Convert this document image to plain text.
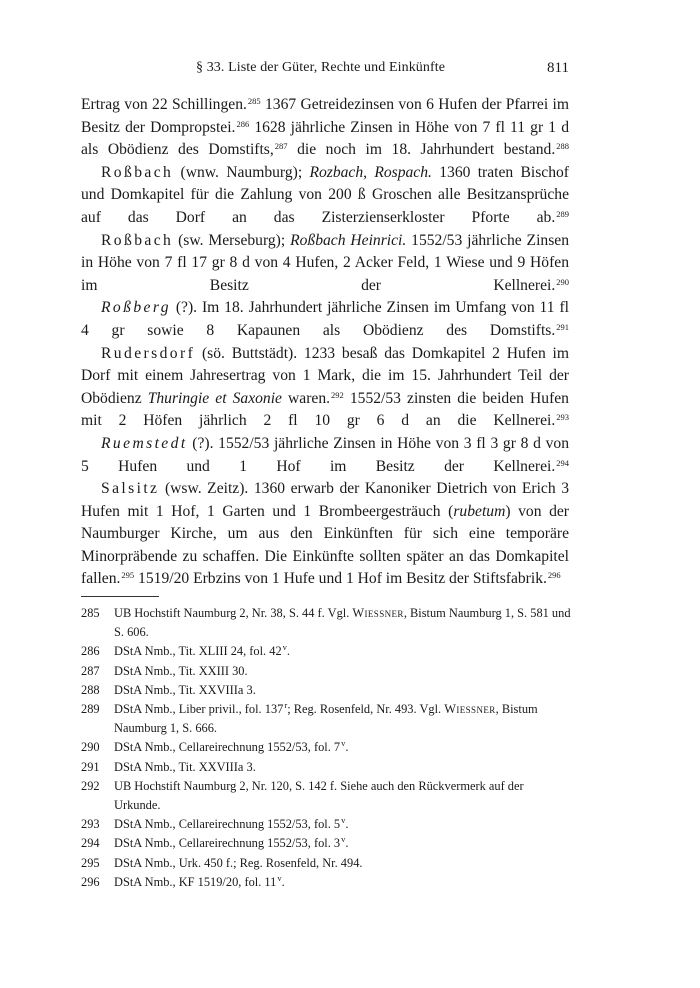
§ 33. Liste der Güter, Rechte und Einkünfte	811

Ertrag von 22 Schillingen.$^{285}$ 1367 Getreidezinsen von 6 Hufen der Pfarrei im Besitz der Dompropstei.$^{286}$ 1628 jährliche Zinsen in Höhe von 7 fl 11 gr 1 d als Obödienz des Domstifts,$^{287}$ die noch im 18. Jahrhundert bestand.$^{288}$

Roßbach (wnw. Naumburg); Rozbach, Rospach. 1360 traten Bischof und Domkapitel für die Zahlung von 200 ß Groschen alle Besitzansprüche auf das Dorf an das Zisterzienserkloster Pforte ab.$^{289}$

Roßbach (sw. Merseburg); Roßbach Heinrici. 1552/53 jährliche Zinsen in Höhe von 7 fl 17 gr 8 d von 4 Hufen, 2 Acker Feld, 1 Wiese und 9 Höfen im Besitz der Kellnerei.$^{290}$

Roßberg (?). Im 18. Jahrhundert jährliche Zinsen im Umfang von 11 fl 4 gr sowie 8 Kapaunen als Obödienz des Domstifts.$^{291}$

Rudersdorf (sö. Buttstädt). 1233 besaß das Domkapitel 2 Hufen im Dorf mit einem Jahresertrag von 1 Mark, die im 15. Jahrhundert Teil der Obödienz Thuringie et Saxonie waren.$^{292}$ 1552/53 zinsten die beiden Hufen mit 2 Höfen jährlich 2 fl 10 gr 6 d an die Kellnerei.$^{293}$

Ruemstedt (?). 1552/53 jährliche Zinsen in Höhe von 3 fl 3 gr 8 d von 5 Hufen und 1 Hof im Besitz der Kellnerei.$^{294}$

Salsitz (wsw. Zeitz). 1360 erwarb der Kanoniker Dietrich von Erich 3 Hufen mit 1 Hof, 1 Garten und 1 Brombeergesträuch (rubetum) von der Naumburger Kirche, um aus den Einkünften für sich eine temporäre Minorpräbende zu schaffen. Die Einkünfte sollten später an das Domkapitel fallen.$^{295}$ 1519/20 Erbzins von 1 Hufe und 1 Hof im Besitz der Stiftsfabrik.$^{296}$

285 UB Hochstift Naumburg 2, Nr. 38, S. 44 f. Vgl. Wiessner, Bistum Naumburg 1, S. 581 und S. 606.
286 DStA Nmb., Tit. XLIII 24, fol. 42$^v$.
287 DStA Nmb., Tit. XXIII 30.
288 DStA Nmb., Tit. XXVIIIa 3.
289 DStA Nmb., Liber privil., fol. 137$^r$; Reg. Rosenfeld, Nr. 493. Vgl. Wiessner, Bistum Naumburg 1, S. 666.
290 DStA Nmb., Cellareirechnung 1552/53, fol. 7$^v$.
291 DStA Nmb., Tit. XXVIIIa 3.
292 UB Hochstift Naumburg 2, Nr. 120, S. 142 f. Siehe auch den Rückvermerk auf der Urkunde.
293 DStA Nmb., Cellareirechnung 1552/53, fol. 5$^v$.
294 DStA Nmb., Cellareirechnung 1552/53, fol. 3$^v$.
295 DStA Nmb., Urk. 450 f.; Reg. Rosenfeld, Nr. 494.
296 DStA Nmb., KF 1519/20, fol. 11$^v$.
